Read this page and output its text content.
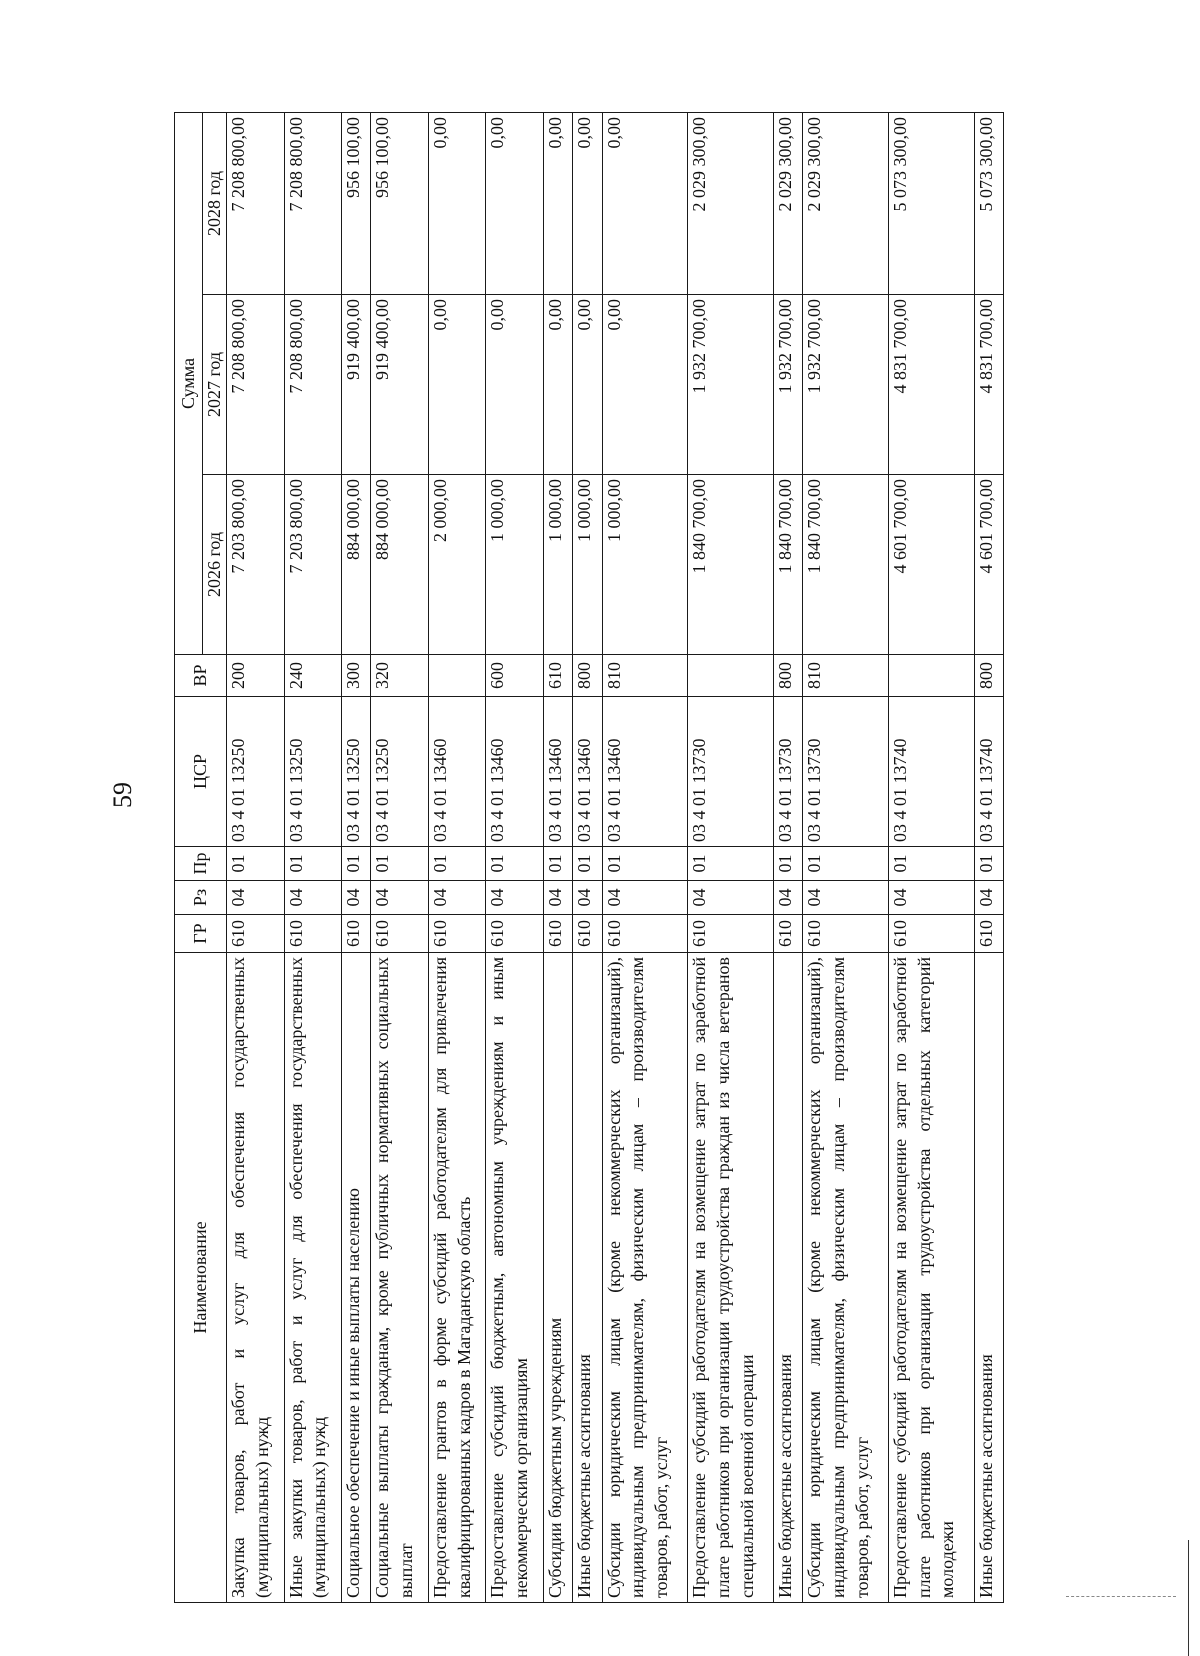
59
Наименование	ГР	Рз	Пр	ЦСР	ВР	Сумма		
						2026 год	2027 год	2028 год
Закупка товаров, работ и услуг для обеспечения государственных (муниципальных) нужд	610	04	01	03 4 01 13250	200	7 203 800,00	7 208 800,00	7 208 800,00
Иные закупки товаров, работ и услуг для обеспечения государственных (муниципальных) нужд	610	04	01	03 4 01 13250	240	7 203 800,00	7 208 800,00	7 208 800,00
Социальное обеспечение и иные выплаты населению	610	04	01	03 4 01 13250	300	884 000,00	919 400,00	956 100,00
Социальные выплаты гражданам, кроме публичных нормативных социальных выплат	610	04	01	03 4 01 13250	320	884 000,00	919 400,00	956 100,00
Предоставление грантов в форме субсидий работодателям для привлечения квалифицированных кадров в Магаданскую область	610	04	01	03 4 01 13460		2 000,00	0,00	0,00
Предоставление субсидий бюджетным, автономным учреждениям и иным некоммерческим организациям	610	04	01	03 4 01 13460	600	1 000,00	0,00	0,00
Субсидии бюджетным учреждениям	610	04	01	03 4 01 13460	610	1 000,00	0,00	0,00
Иные бюджетные ассигнования	610	04	01	03 4 01 13460	800	1 000,00	0,00	0,00
Субсидии юридическим лицам (кроме некоммерческих организаций), индивидуальным предпринимателям, физическим лицам – производителям товаров, работ, услуг	610	04	01	03 4 01 13460	810	1 000,00	0,00	0,00
Предоставление субсидий работодателям на возмещение затрат по заработной плате работников при организации трудоустройства граждан из числа ветеранов специальной военной операции	610	04	01	03 4 01 13730		1 840 700,00	1 932 700,00	2 029 300,00
Иные бюджетные ассигнования	610	04	01	03 4 01 13730	800	1 840 700,00	1 932 700,00	2 029 300,00
Субсидии юридическим лицам (кроме некоммерческих организаций), индивидуальным предпринимателям, физическим лицам – производителям товаров, работ, услуг	610	04	01	03 4 01 13730	810	1 840 700,00	1 932 700,00	2 029 300,00
Предоставление субсидий работодателям на возмещение затрат по заработной плате работников при организации трудоустройства отдельных категорий молодежи	610	04	01	03 4 01 13740		4 601 700,00	4 831 700,00	5 073 300,00
Иные бюджетные ассигнования	610	04	01	03 4 01 13740	800	4 601 700,00	4 831 700,00	5 073 300,00
